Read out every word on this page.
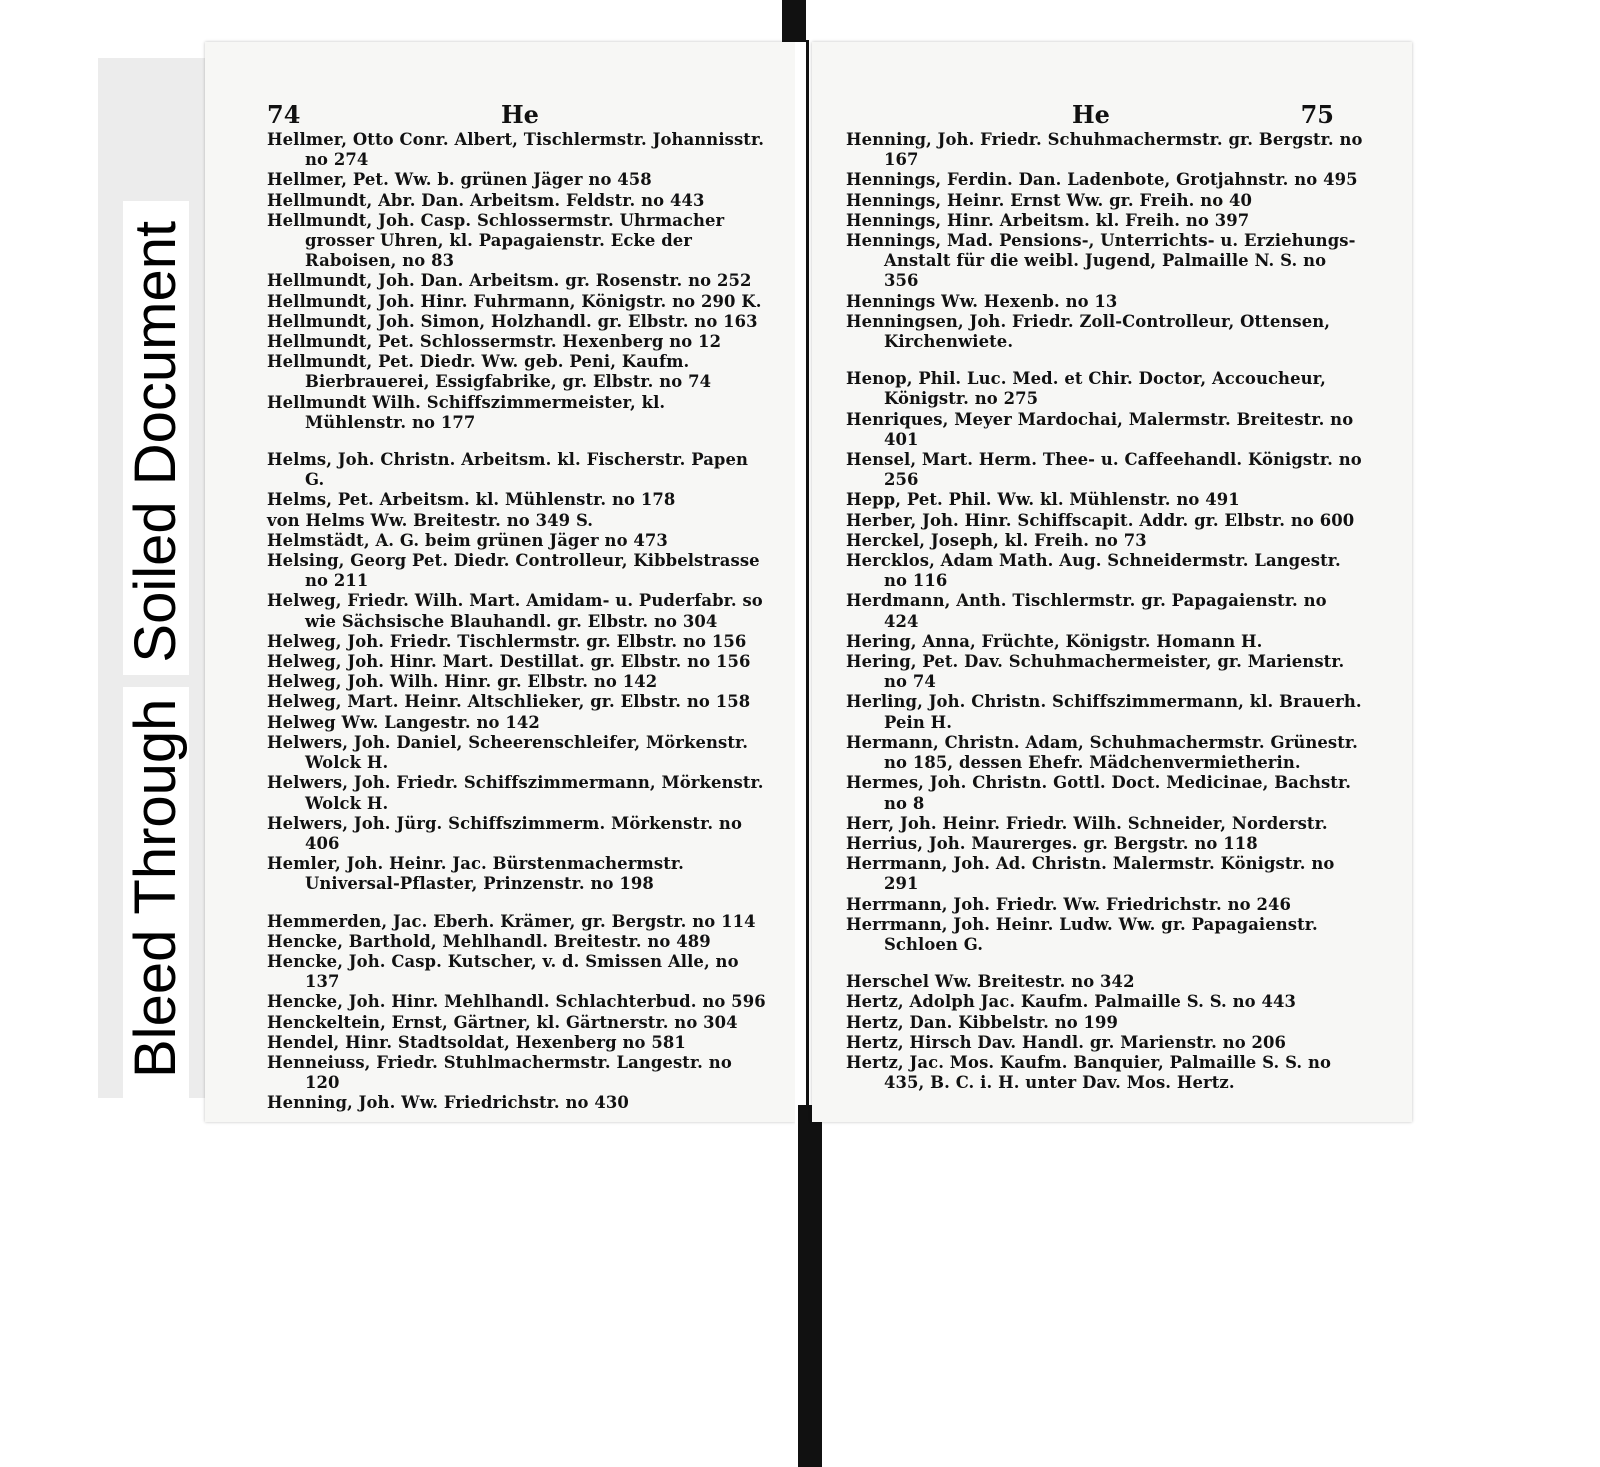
Bleed Through
Soiled Document
74	He

Hellmer, Otto Conr. Albert, Tischlermstr. Johannisstr. no 274

Hellmer, Pet. Ww. b. grünen Jäger no 458

Hellmundt, Abr. Dan. Arbeitsm. Feldstr. no 443

Hellmundt, Joh. Casp. Schlossermstr. Uhrmacher grosser Uhren, kl. Papagaienstr. Ecke der Raboisen, no 83

Hellmundt, Joh. Dan. Arbeitsm. gr. Rosenstr. no 252

Hellmundt, Joh. Hinr. Fuhrmann, Königstr. no 290 K.

Hellmundt, Joh. Simon, Holzhandl. gr. Elbstr. no 163

Hellmundt, Pet. Schlossermstr. Hexenberg no 12

Hellmundt, Pet. Diedr. Ww. geb. Peni, Kaufm. Bierbrauerei, Essigfabrike, gr. Elbstr. no 74

Hellmundt Wilh. Schiffszimmermeister, kl. Mühlenstr. no 177

Helms, Joh. Christn. Arbeitsm. kl. Fischerstr. Papen G.

Helms, Pet. Arbeitsm. kl. Mühlenstr. no 178

von Helms Ww. Breitestr. no 349 S.

Helmstädt, A. G. beim grünen Jäger no 473

Helsing, Georg Pet. Diedr. Controlleur, Kibbelstrasse no 211

Helweg, Friedr. Wilh. Mart. Amidam- u. Puderfabr. so wie Sächsische Blauhandl. gr. Elbstr. no 304

Helweg, Joh. Friedr. Tischlermstr. gr. Elbstr. no 156

Helweg, Joh. Hinr. Mart. Destillat. gr. Elbstr. no 156

Helweg, Joh. Wilh. Hinr. gr. Elbstr. no 142

Helweg, Mart. Heinr. Altschlieker, gr. Elbstr. no 158

Helweg Ww. Langestr. no 142

Helwers, Joh. Daniel, Scheerenschleifer, Mörkenstr. Wolck H.

Helwers, Joh. Friedr. Schiffszimmermann, Mörkenstr. Wolck H.

Helwers, Joh. Jürg. Schiffszimmerm. Mörkenstr. no 406

Hemler, Joh. Heinr. Jac. Bürstenmachermstr. Universal-Pflaster, Prinzenstr. no 198

Hemmerden, Jac. Eberh. Krämer, gr. Bergstr. no 114

Hencke, Barthold, Mehlhandl. Breitestr. no 489

Hencke, Joh. Casp. Kutscher, v. d. Smissen Alle, no 137

Hencke, Joh. Hinr. Mehlhandl. Schlachterbud. no 596

Henckeltein, Ernst, Gärtner, kl. Gärtnerstr. no 304

Hendel, Hinr. Stadtsoldat, Hexenberg no 581

Henneiuss, Friedr. Stuhlmachermstr. Langestr. no 120

Henning, Joh. Ww. Friedrichstr. no 430

He	75

Henning, Joh. Friedr. Schuhmachermstr. gr. Bergstr. no 167

Hennings, Ferdin. Dan. Ladenbote, Grotjahnstr. no 495

Hennings, Heinr. Ernst Ww. gr. Freih. no 40

Hennings, Hinr. Arbeitsm. kl. Freih. no 397

Hennings, Mad. Pensions-, Unterrichts- u. Erziehungs-Anstalt für die weibl. Jugend, Palmaille N. S. no 356

Hennings Ww. Hexenb. no 13

Henningsen, Joh. Friedr. Zoll-Controlleur, Ottensen, Kirchenwiete.

Henop, Phil. Luc. Med. et Chir. Doctor, Accoucheur, Königstr. no 275

Henriques, Meyer Mardochai, Malermstr. Breitestr. no 401

Hensel, Mart. Herm. Thee- u. Caffeehandl. Königstr. no 256

Hepp, Pet. Phil. Ww. kl. Mühlenstr. no 491

Herber, Joh. Hinr. Schiffscapit. Addr. gr. Elbstr. no 600

Herckel, Joseph, kl. Freih. no 73

Hercklos, Adam Math. Aug. Schneidermstr. Langestr. no 116

Herdmann, Anth. Tischlermstr. gr. Papagaienstr. no 424

Hering, Anna, Früchte, Königstr. Homann H.

Hering, Pet. Dav. Schuhmachermeister, gr. Marienstr. no 74

Herling, Joh. Christn. Schiffszimmermann, kl. Brauerh. Pein H.

Hermann, Christn. Adam, Schuhmachermstr. Grünestr. no 185, dessen Ehefr. Mädchenvermietherin.

Hermes, Joh. Christn. Gottl. Doct. Medicinae, Bachstr. no 8

Herr, Joh. Heinr. Friedr. Wilh. Schneider, Norderstr.

Herrius, Joh. Maurerges. gr. Bergstr. no 118

Herrmann, Joh. Ad. Christn. Malermstr. Königstr. no 291

Herrmann, Joh. Friedr. Ww. Friedrichstr. no 246

Herrmann, Joh. Heinr. Ludw. Ww. gr. Papagaienstr. Schloen G.

Herschel Ww. Breitestr. no 342

Hertz, Adolph Jac. Kaufm. Palmaille S. S. no 443

Hertz, Dan. Kibbelstr. no 199

Hertz, Hirsch Dav. Handl. gr. Marienstr. no 206

Hertz, Jac. Mos. Kaufm. Banquier, Palmaille S. S. no 435, B. C. i. H. unter Dav. Mos. Hertz.
